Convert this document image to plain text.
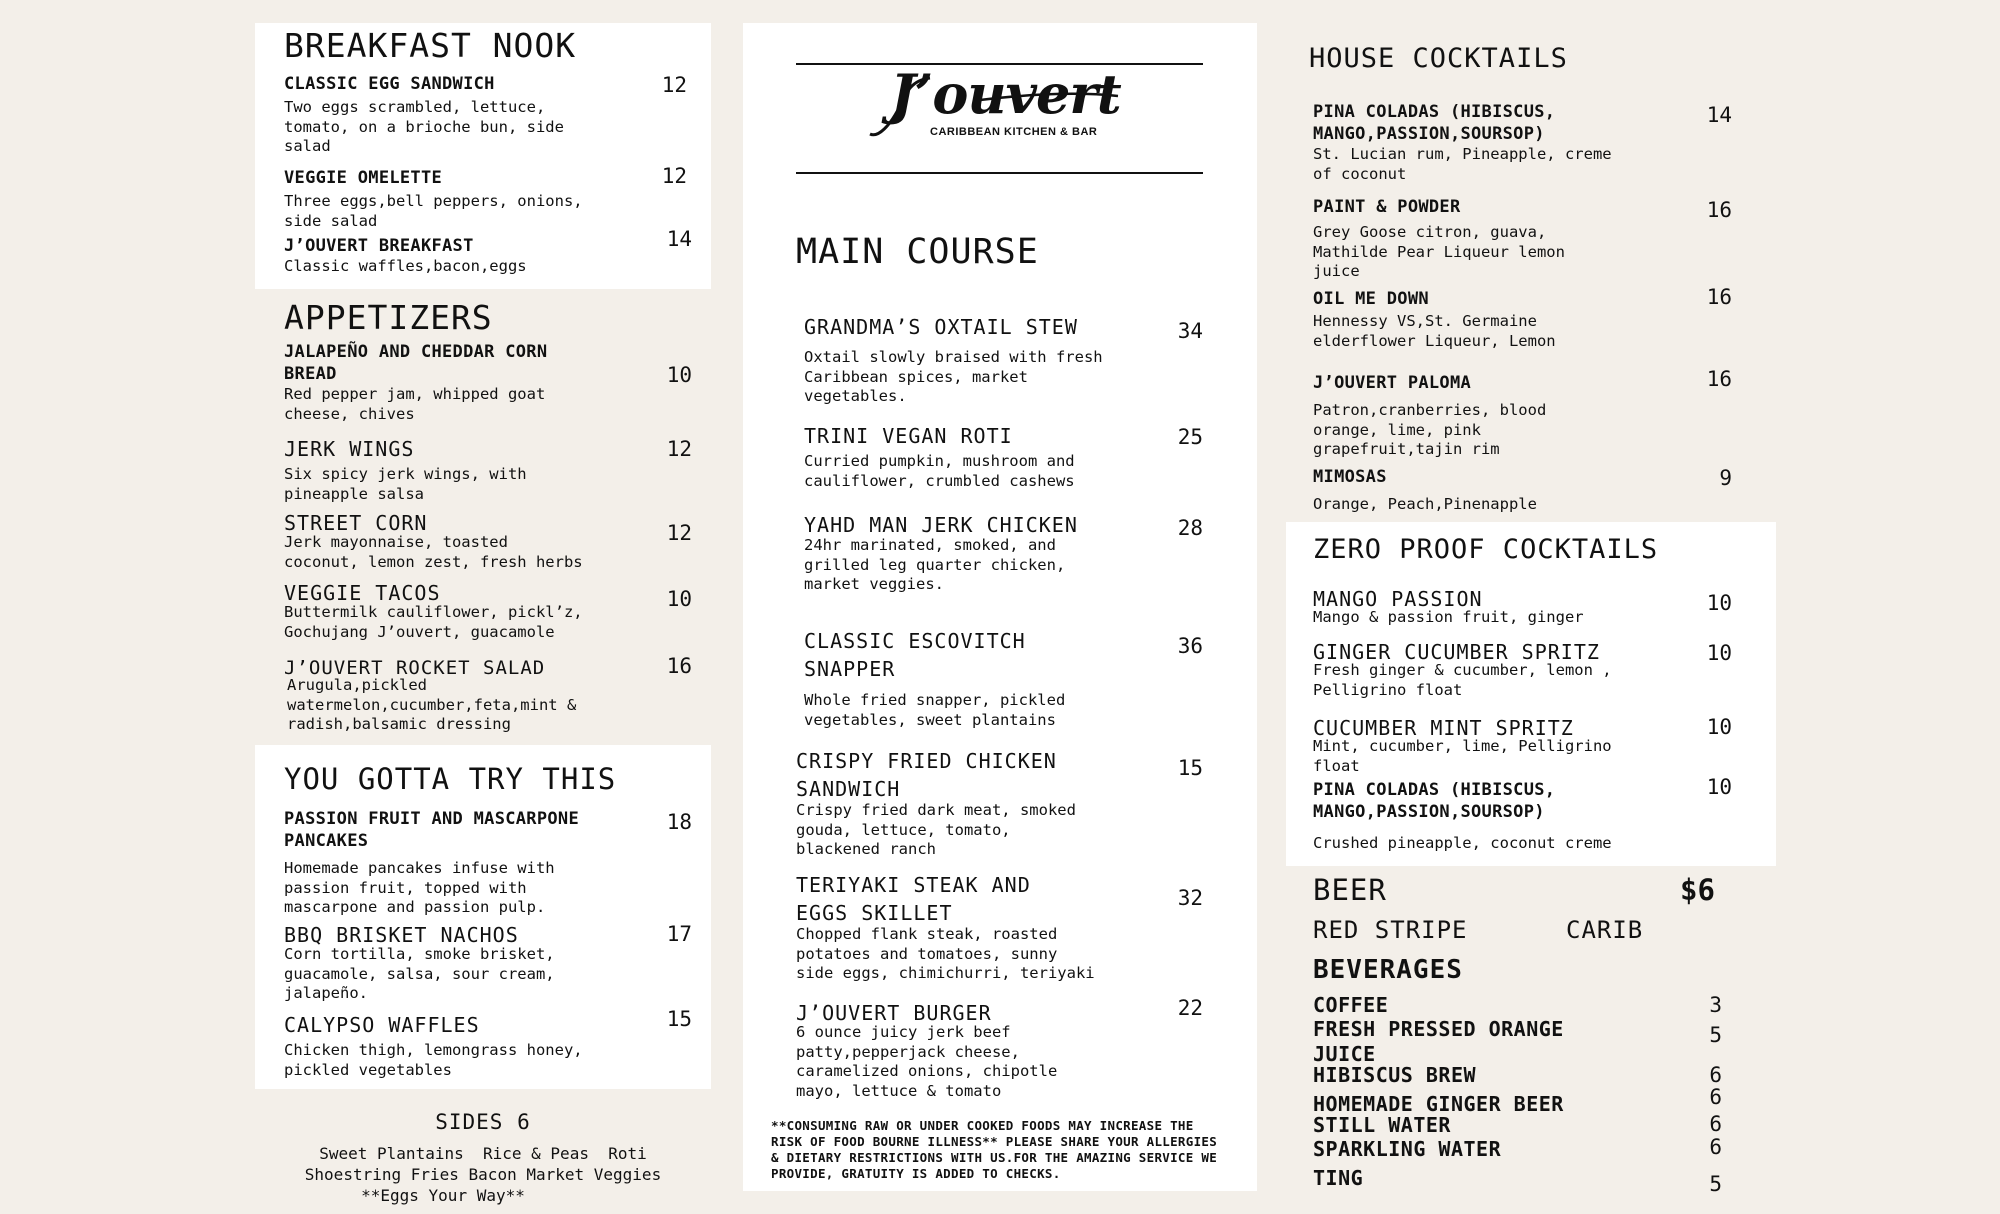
BREAKFAST NOOK
CLASSIC EGG SANDWICH
Two eggs scrambled, lettuce, tomato, on a brioche bun, side salad
12
VEGGIE OMELETTE
Three eggs,bell peppers, onions, side salad
12
J’OUVERT BREAKFAST
Classic waffles,bacon,eggs
14
APPETIZERS
JALAPEÑO AND CHEDDAR CORN BREAD
Red pepper jam, whipped goat cheese, chives
10
JERK WINGS
Six spicy jerk wings, with pineapple salsa
12
STREET CORN
Jerk mayonnaise, toasted coconut, lemon zest, fresh herbs
12
VEGGIE TACOS
Buttermilk cauliflower, pickl’z, Gochujang J’ouvert, guacamole
10
J’OUVERT ROCKET SALAD
Arugula,pickled watermelon,cucumber,feta,mint & radish,balsamic dressing
16
YOU GOTTA TRY THIS
PASSION FRUIT AND MASCARPONE PANCAKES
Homemade pancakes infuse with passion fruit, topped with mascarpone and passion pulp.
18
BBQ BRISKET NACHOS
Corn tortilla, smoke brisket, guacamole, salsa, sour cream, jalapeño.
17
CALYPSO WAFFLES
Chicken thigh, lemongrass honey, pickled vegetables
15
SIDES 6
Sweet Plantains  Rice & Peas  Roti
Shoestring Fries Bacon Market Veggies
**Eggs Your Way**
J’ouvert
CARIBBEAN KITCHEN & BAR
MAIN COURSE
GRANDMA’S OXTAIL STEW
Oxtail slowly braised with fresh Caribbean spices, market vegetables.
34
TRINI VEGAN ROTI
Curried pumpkin, mushroom and cauliflower, crumbled cashews
25
YAHD MAN JERK CHICKEN
24hr marinated, smoked, and grilled leg quarter chicken, market veggies.
28
CLASSIC ESCOVITCH SNAPPER
Whole fried snapper, pickled vegetables, sweet plantains
36
CRISPY FRIED CHICKEN SANDWICH
Crispy fried dark meat, smoked gouda, lettuce, tomato, blackened ranch
15
TERIYAKI STEAK AND EGGS SKILLET
Chopped flank steak, roasted potatoes and tomatoes, sunny side eggs, chimichurri, teriyaki
32
J’OUVERT BURGER
6 ounce juicy jerk beef patty,pepperjack cheese, caramelized onions, chipotle mayo, lettuce & tomato
22
**CONSUMING RAW OR UNDER COOKED FOODS MAY INCREASE THE RISK OF FOOD BOURNE ILLNESS** PLEASE SHARE YOUR ALLERGIES & DIETARY RESTRICTIONS WITH US.FOR THE AMAZING SERVICE WE PROVIDE, GRATUITY IS ADDED TO CHECKS.
HOUSE COCKTAILS
PINA COLADAS (HIBISCUS, MANGO,PASSION,SOURSOP)
St. Lucian rum, Pineapple, creme of coconut
14
PAINT & POWDER
Grey Goose citron, guava, Mathilde Pear Liqueur lemon juice
16
OIL ME DOWN
Hennessy VS,St. Germaine elderflower Liqueur, Lemon
16
J’OUVERT PALOMA
Patron,cranberries, blood orange, lime, pink grapefruit,tajin rim
16
MIMOSAS
Orange, Peach,Pinenapple
9
ZERO PROOF COCKTAILS
MANGO PASSION
Mango & passion fruit, ginger
10
GINGER CUCUMBER SPRITZ
Fresh ginger & cucumber, lemon , Pelligrino float
10
CUCUMBER MINT SPRITZ
Mint, cucumber, lime, Pelligrino float
10
PINA COLADAS (HIBISCUS, MANGO,PASSION,SOURSOP)
Crushed pineapple, coconut creme
10
BEER	$6
RED STRIPE	CARIB
BEVERAGES
COFFEE	3
FRESH PRESSED ORANGE
JUICE
5
HIBISCUS BREW	6
HOMEMADE GINGER BEER	6
STILL WATER	6
SPARKLING WATER	6
TING	5
